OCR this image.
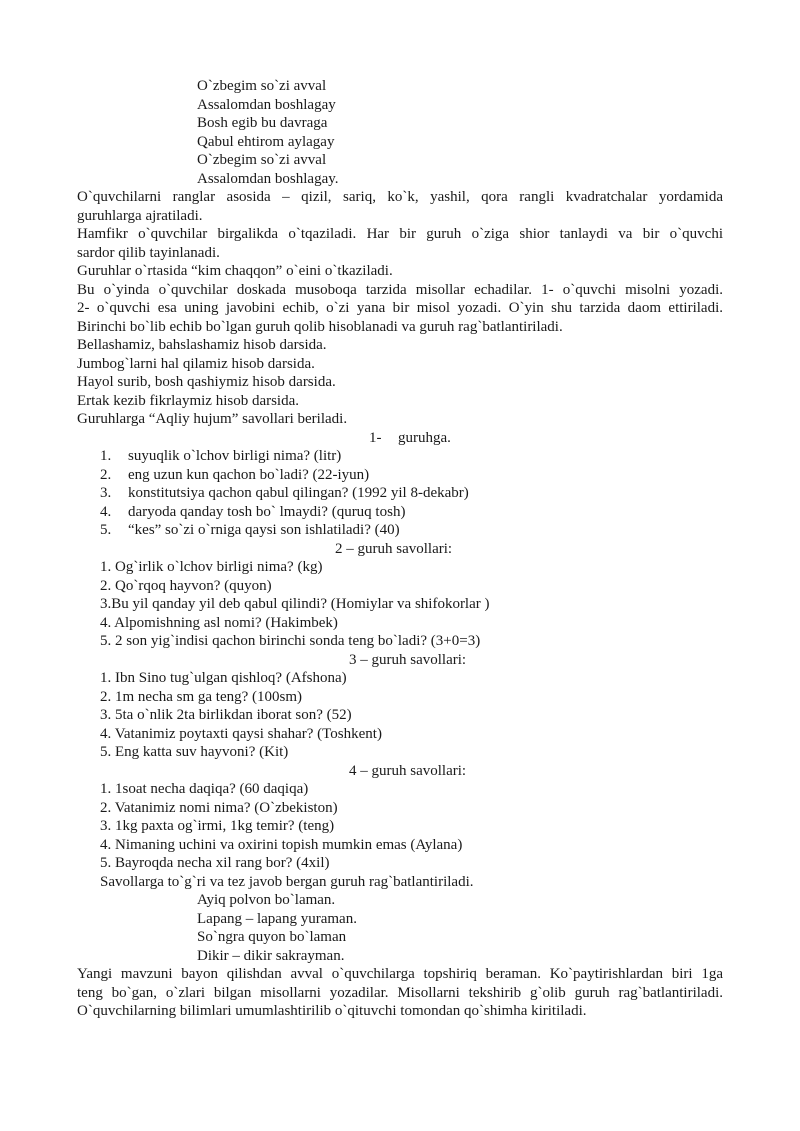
O`zbegim so`zi avval
Assalomdan boshlagay
Bosh egib bu davraga
Qabul ehtirom aylagay
O`zbegim so`zi avval
Assalomdan boshlagay.
O`quvchilarni ranglar asosida – qizil, sariq, ko`k, yashil, qora rangli kvadratchalar yordamida
guruhlarga ajratiladi.
Hamfikr o`quvchilar birgalikda o`tqaziladi. Har bir guruh o`ziga shior tanlaydi va bir o`quvchi
sardor qilib tayinlanadi.
Guruhlar o`rtasida “kim chaqqon” o`eini o`tkaziladi.
Bu o`yinda o`quvchilar doskada musoboqa tarzida misollar echadilar. 1- o`quvchi misolni yozadi.
2- o`quvchi esa uning javobini echib, o`zi yana bir misol yozadi. O`yin shu tarzida daom ettiriladi.
Birinchi bo`lib echib bo`lgan guruh qolib hisoblanadi va guruh rag`batlantiriladi.
Bellashamiz, bahslashamiz hisob darsida.
Jumbog`larni hal qilamiz hisob darsida.
Hayol surib, bosh qashiymiz hisob darsida.
Ertak kezib fikrlaymiz hisob darsida.
Guruhlarga “Aqliy hujum” savollari beriladi.
1- guruhga.
1. suyuqlik o`lchov birligi nima? (litr)
2. eng uzun kun qachon bo`ladi? (22-iyun)
3. konstitutsiya qachon qabul qilingan? (1992 yil 8-dekabr)
4. daryoda qanday tosh bo` lmaydi? (quruq tosh)
5. “kes” so`zi o`rniga qaysi son ishlatiladi? (40)
2 – guruh savollari:
1. Og`irlik o`lchov birligi nima? (kg)
2. Qo`rqoq hayvon? (quyon)
3.Bu yil qanday yil deb qabul qilindi? (Homiylar va shifokorlar )
4. Alpomishning asl nomi? (Hakimbek)
5. 2 son yig`indisi qachon birinchi sonda teng bo`ladi? (3+0=3)
3 – guruh savollari:
1. Ibn Sino tug`ulgan qishloq? (Afshona)
2. 1m necha sm ga teng? (100sm)
3. 5ta o`nlik 2ta birlikdan iborat son? (52)
4. Vatanimiz poytaxti qaysi shahar? (Toshkent)
5. Eng katta suv hayvoni? (Kit)
4 – guruh savollari:
1. 1soat necha daqiqa? (60 daqiqa)
2. Vatanimiz nomi nima? (O`zbekiston)
3. 1kg paxta og`irmi, 1kg temir? (teng)
4. Nimaning uchini va oxirini topish mumkin emas (Aylana)
5. Bayroqda necha xil rang bor? (4xil)
Savollarga to`g`ri va tez javob bergan guruh rag`batlantiriladi.
Ayiq polvon bo`laman.
Lapang – lapang yuraman.
So`ngra quyon bo`laman
Dikir – dikir sakrayman.
Yangi mavzuni bayon qilishdan avval o`quvchilarga topshiriq beraman. Ko`paytirishlardan biri 1ga
teng bo`gan, o`zlari bilgan misollarni yozadilar. Misollarni tekshirib g`olib guruh rag`batlantiriladi.
O`quvchilarning bilimlari umumlashtirilib o`qituvchi tomondan qo`shimha kiritiladi.
